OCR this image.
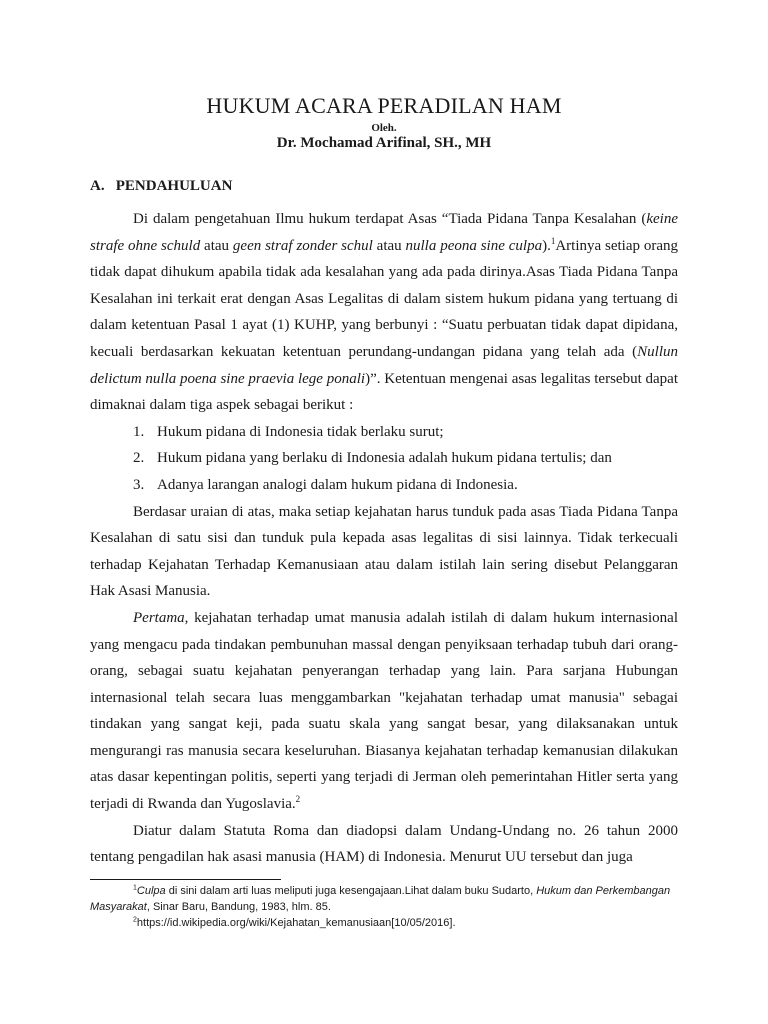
HUKUM ACARA PERADILAN HAM
Oleh.
Dr. Mochamad Arifinal, SH., MH
A. PENDAHULUAN

Di dalam pengetahuan Ilmu hukum terdapat Asas “Tiada Pidana Tanpa Kesalahan (keine strafe ohne schuld atau geen straf zonder schul atau nulla peona sine culpa).$^1$Artinya setiap orang tidak dapat dihukum apabila tidak ada kesalahan yang ada pada dirinya.Asas Tiada Pidana Tanpa Kesalahan ini terkait erat dengan Asas Legalitas di dalam sistem hukum pidana yang tertuang di dalam ketentuan Pasal 1 ayat (1) KUHP, yang berbunyi : “Suatu perbuatan tidak dapat dipidana, kecuali berdasarkan kekuatan ketentuan perundang-undangan pidana yang telah ada (Nullun delictum nulla poena sine praevia lege ponali)”. Ketentuan mengenai asas legalitas tersebut dapat dimaknai dalam tiga aspek sebagai berikut :

1. Hukum pidana di Indonesia tidak berlaku surut;
2. Hukum pidana yang berlaku di Indonesia adalah hukum pidana tertulis; dan
3. Adanya larangan analogi dalam hukum pidana di Indonesia.

Berdasar uraian di atas, maka setiap kejahatan harus tunduk pada asas Tiada Pidana Tanpa Kesalahan di satu sisi dan tunduk pula kepada asas legalitas di sisi lainnya. Tidak terkecuali terhadap Kejahatan Terhadap Kemanusiaan atau dalam istilah lain sering disebut Pelanggaran Hak Asasi Manusia.

Pertama, kejahatan terhadap umat manusia adalah istilah di dalam hukum internasional yang mengacu pada tindakan pembunuhan massal dengan penyiksaan terhadap tubuh dari orang-orang, sebagai suatu kejahatan penyerangan terhadap yang lain. Para sarjana Hubungan internasional telah secara luas menggambarkan "kejahatan terhadap umat manusia" sebagai tindakan yang sangat keji, pada suatu skala yang sangat besar, yang dilaksanakan untuk mengurangi ras manusia secara keseluruhan. Biasanya kejahatan terhadap kemanusian dilakukan atas dasar kepentingan politis, seperti yang terjadi di Jerman oleh pemerintahan Hitler serta yang terjadi di Rwanda dan Yugoslavia.$^2$

Diatur dalam Statuta Roma dan diadopsi dalam Undang-Undang no. 26 tahun 2000 tentang pengadilan hak asasi manusia (HAM) di Indonesia. Menurut UU tersebut dan juga

$^1$Culpa di sini dalam arti luas meliputi juga kesengajaan.Lihat dalam buku Sudarto, Hukum dan Perkembangan Masyarakat, Sinar Baru, Bandung, 1983, hlm. 85.

$^2$https://id.wikipedia.org/wiki/Kejahatan_kemanusiaan[10/05/2016].
